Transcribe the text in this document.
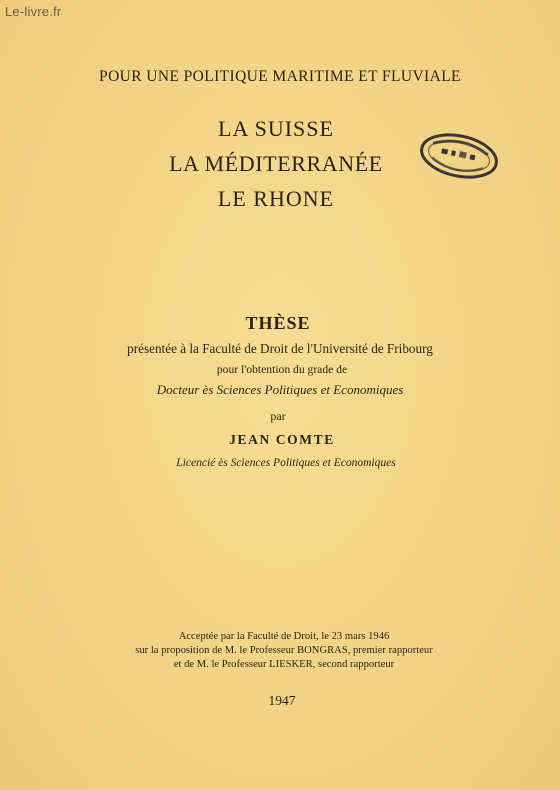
Le-livre.fr
POUR UNE POLITIQUE MARITIME ET FLUVIALE
LA SUISSE
LA MÉDITERRANÉE
LE RHONE
THÈSE
présentée à la Faculté de Droit de l'Université de Fribourg
pour l'obtention du grade de
Docteur ès Sciences Politiques et Economiques
par
JEAN COMTE
Licencié ès Sciences Politiques et Economiques
Acceptée par la Faculté de Droit, le 23 mars 1946
sur la proposition de M. le Professeur BONGRAS, premier rapporteur
et de M. le Professeur LIESKER, second rapporteur
1947
